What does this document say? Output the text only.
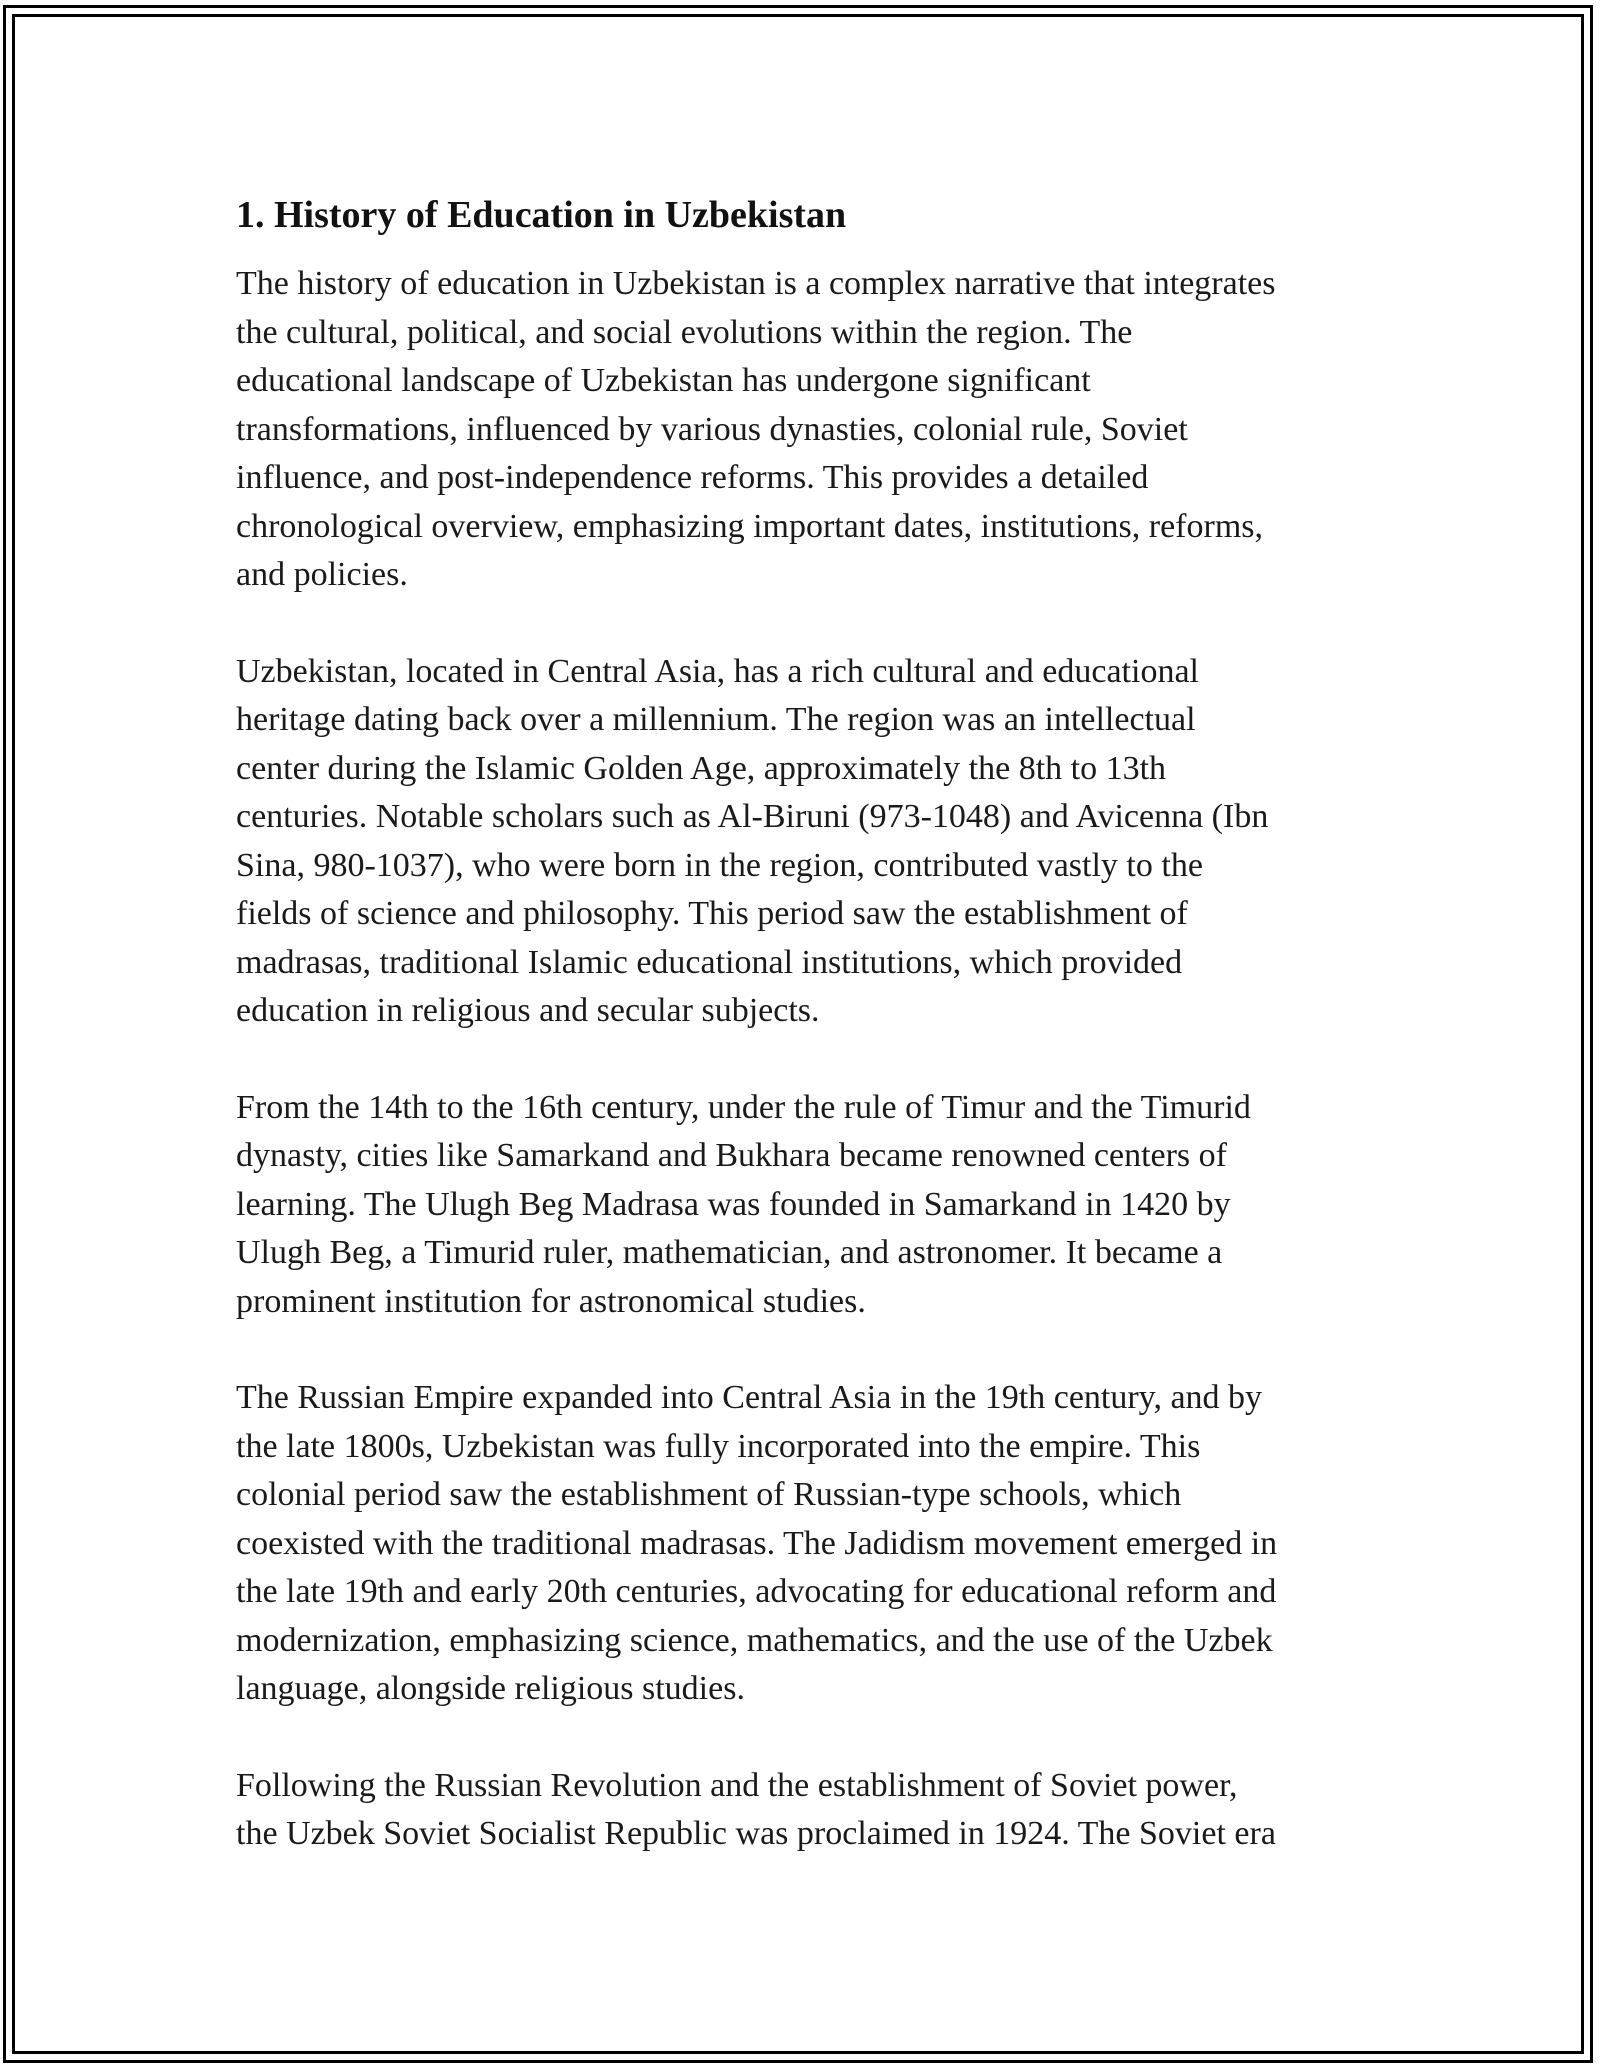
1. History of Education in Uzbekistan

The history of education in Uzbekistan is a complex narrative that integrates
the cultural, political, and social evolutions within the region. The
educational landscape of Uzbekistan has undergone significant
transformations, influenced by various dynasties, colonial rule, Soviet
influence, and post-independence reforms. This provides a detailed
chronological overview, emphasizing important dates, institutions, reforms,
and policies.

Uzbekistan, located in Central Asia, has a rich cultural and educational
heritage dating back over a millennium. The region was an intellectual
center during the Islamic Golden Age, approximately the 8th to 13th
centuries. Notable scholars such as Al-Biruni (973-1048) and Avicenna (Ibn
Sina, 980-1037), who were born in the region, contributed vastly to the
fields of science and philosophy. This period saw the establishment of
madrasas, traditional Islamic educational institutions, which provided
education in religious and secular subjects.

From the 14th to the 16th century, under the rule of Timur and the Timurid
dynasty, cities like Samarkand and Bukhara became renowned centers of
learning. The Ulugh Beg Madrasa was founded in Samarkand in 1420 by
Ulugh Beg, a Timurid ruler, mathematician, and astronomer. It became a
prominent institution for astronomical studies.

The Russian Empire expanded into Central Asia in the 19th century, and by
the late 1800s, Uzbekistan was fully incorporated into the empire. This
colonial period saw the establishment of Russian-type schools, which
coexisted with the traditional madrasas. The Jadidism movement emerged in
the late 19th and early 20th centuries, advocating for educational reform and
modernization, emphasizing science, mathematics, and the use of the Uzbek
language, alongside religious studies.

Following the Russian Revolution and the establishment of Soviet power,
the Uzbek Soviet Socialist Republic was proclaimed in 1924. The Soviet era
